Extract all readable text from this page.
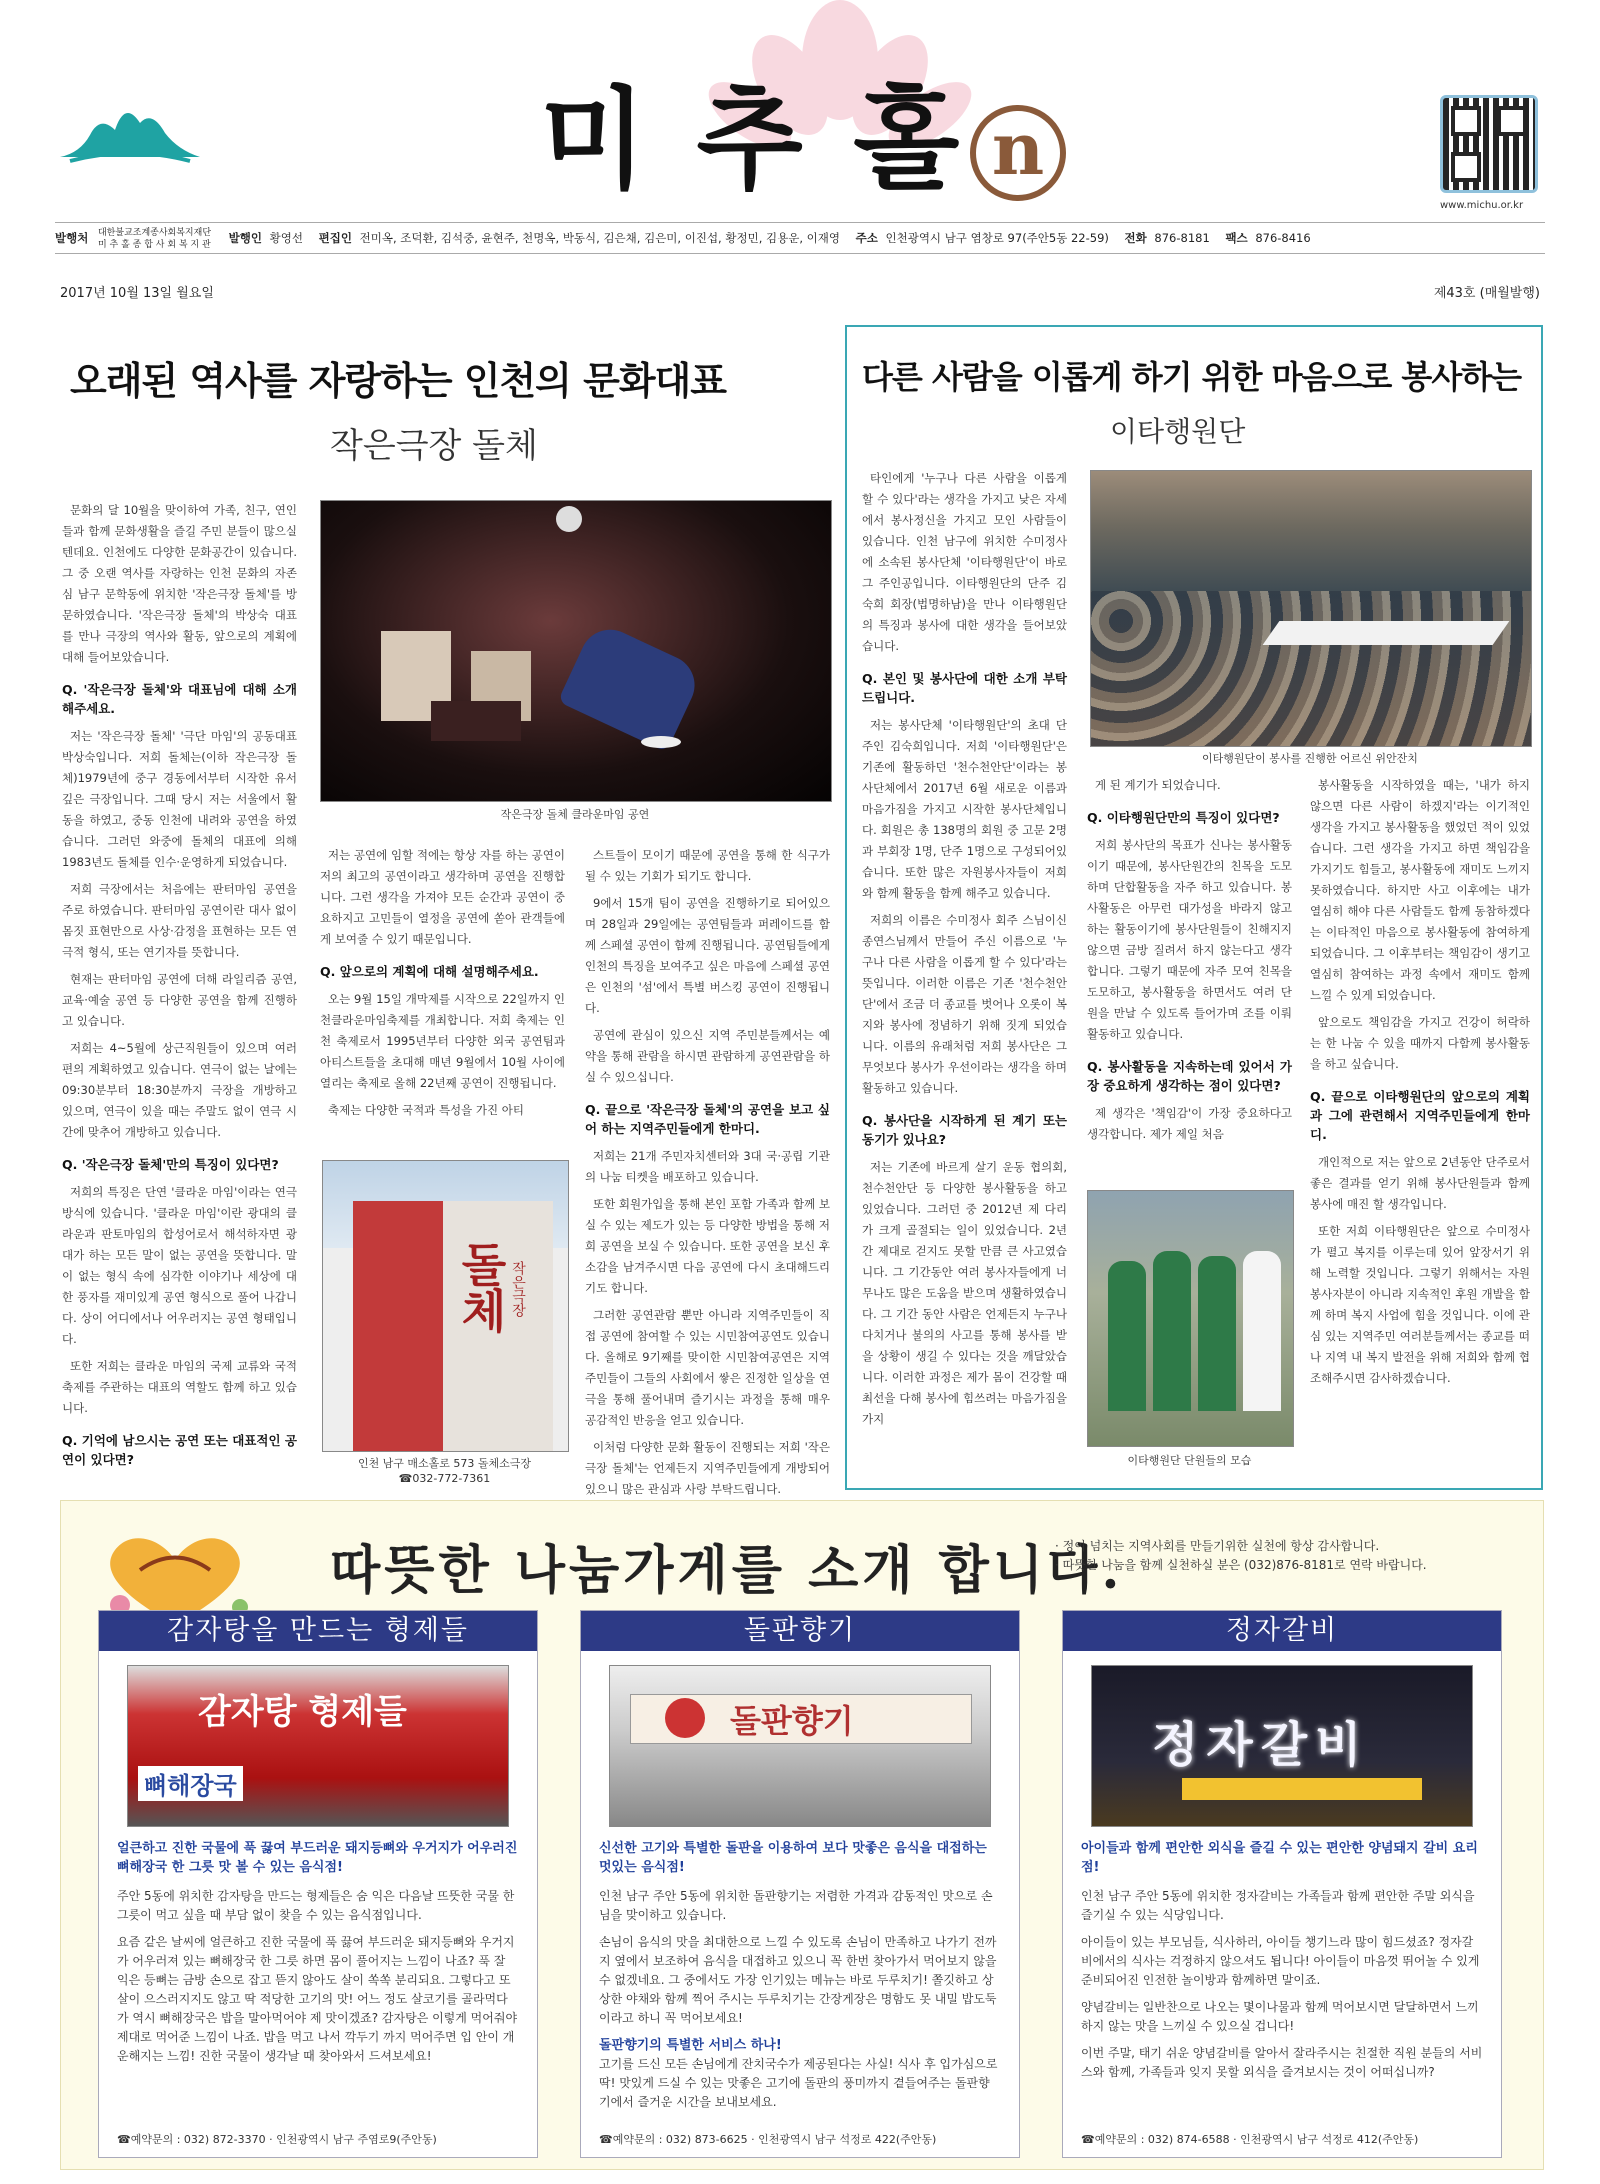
미 추 홀 n
www.michu.or.kr
발행처 대한불교조계종사회복지재단
미 추 홀 종 합 사 회 복 지 관 발행인 황영선 편집인 전미옥, 조덕환, 김석중, 윤현주, 천명옥, 박동식, 김은채, 김은미, 이진섭, 황정민, 김용운, 이재영 주소 인천광역시 남구 염창로 97(주안5동 22-59) 전화 876-8181 팩스 876-8416
2017년 10월 13일 월요일	제43호 (매월발행)
오래된 역사를 자랑하는 인천의 문화대표
작은극장 돌체

문화의 달 10월을 맞이하여 가족, 친구, 연인들과 함께 문화생활을 즐길 주민 분들이 많으실텐데요. 인천에도 다양한 문화공간이 있습니다. 그 중 오랜 역사를 자랑하는 인천 문화의 자존심 남구 문학동에 위치한 '작은극장 돌체'를 방문하였습니다. '작은극장 돌체'의 박상숙 대표를 만나 극장의 역사와 활동, 앞으로의 계획에 대해 들어보았습니다.

Q. '작은극장 돌체'와 대표님에 대해 소개해주세요.

저는 '작은극장 돌체' '극단 마임'의 공동대표 박상숙입니다. 저희 돌체는(이하 작은극장 돌체)1979년에 중구 경동에서부터 시작한 유서 깊은 극장입니다. 그때 당시 저는 서울에서 활동을 하였고, 중동 인천에 내려와 공연을 하였습니다. 그러던 와중에 돌체의 대표에 의해 1983년도 돌체를 인수·운영하게 되었습니다.

저희 극장에서는 처음에는 판터마임 공연을 주로 하였습니다. 판터마임 공연이란 대사 없이 몸짓 표현만으로 사상·감정을 표현하는 모든 연극적 형식, 또는 연기자를 뜻합니다.

현재는 판터마임 공연에 더해 라일리즘 공연, 교육·예술 공연 등 다양한 공연을 함께 진행하고 있습니다.

저희는 4~5월에 상근직원들이 있으며 여러 편의 계획하였고 있습니다. 연극이 없는 날에는 09:30분부터 18:30분까지 극장을 개방하고 있으며, 연극이 있을 때는 주말도 없이 연극 시간에 맞추어 개방하고 있습니다.

Q. '작은극장 돌체'만의 특징이 있다면?

저희의 특징은 단연 '클라운 마임'이라는 연극방식에 있습니다. '클라운 마임'이란 광대의 클라운과 판토마임의 합성어로서 해석하자면 광대가 하는 모든 말이 없는 공연을 뜻합니다. 말이 없는 형식 속에 심각한 이야기나 세상에 대한 풍자를 재미있게 공연 형식으로 풀어 나갑니다. 상이 어디에서나 어우러지는 공연 형태입니다.

또한 저희는 클라운 마임의 국제 교류와 국적 축제를 주관하는 대표의 역할도 함께 하고 있습니다.

Q. 기억에 남으시는 공연 또는 대표적인 공연이 있다면?
작은극장 돌체 클라운마임 공연

저는 공연에 임할 적에는 항상 자를 하는 공연이 저의 최고의 공연이라고 생각하며 공연을 진행합니다. 그런 생각을 가져야 모든 순간과 공연이 중요하지고 고민들이 열정을 공연에 쏟아 관객들에게 보여줄 수 있기 때문입니다.

Q. 앞으로의 계획에 대해 설명해주세요.

오는 9월 15일 개막제를 시작으로 22일까지 인천클라운마임축제를 개최합니다. 저희 축제는 인천 축제로서 1995년부터 다양한 외국 공연팀과 아티스트들을 초대해 매년 9월에서 10월 사이에 열리는 축제로 올해 22년째 공연이 진행됩니다.

축제는 다양한 국적과 특성을 가진 아티

스트들이 모이기 때문에 공연을 통해 한 식구가 될 수 있는 기회가 되기도 합니다.

9에서 15개 팀이 공연을 진행하기로 되어있으며 28일과 29일에는 공연팀들과 퍼레이드를 함께 스페셜 공연이 함께 진행됩니다. 공연팀들에게 인천의 특징을 보여주고 싶은 마음에 스페셜 공연은 인천의 '섬'에서 특별 버스킹 공연이 진행됩니다.

공연에 관심이 있으신 지역 주민분들께서는 예약을 통해 관람을 하시면 관람하게 공연관람을 하실 수 있으십니다.

Q. 끝으로 '작은극장 돌체'의 공연을 보고 싶어 하는 지역주민들에게 한마디.

저희는 21개 주민자치센터와 3대 국·공립 기관의 나눔 티켓을 배포하고 있습니다.

또한 회원가입을 통해 본인 포함 가족과 함께 보실 수 있는 제도가 있는 등 다양한 방법을 통해 저희 공연을 보실 수 있습니다. 또한 공연을 보신 후 소감을 남겨주시면 다음 공연에 다시 초대해드리기도 합니다.

그러한 공연관람 뿐만 아니라 지역주민들이 직접 공연에 참여할 수 있는 시민참여공연도 있습니다. 올해로 9기째를 맞이한 시민참여공연은 지역주민들이 그들의 사회에서 쌓은 진정한 일상을 연극을 통해 풀어내며 즐기시는 과정을 통해 매우 공감적인 반응을 얻고 있습니다.

이처럼 다양한 문화 활동이 진행되는 저희 '작은극장 돌체'는 언제든지 지역주민들에게 개방되어있으니 많은 관심과 사랑 부탁드립니다.

돌체 작은극장
인천 남구 매소홀로 573 돌체소극장
☎032-772-7361
다른 사람을 이롭게 하기 위한 마음으로 봉사하는
이타행원단

타인에게 '누구나 다른 사람을 이롭게 할 수 있다'라는 생각을 가지고 낮은 자세에서 봉사정신을 가지고 모인 사람들이 있습니다. 인천 남구에 위치한 수미정사에 소속된 봉사단체 '이타행원단'이 바로 그 주인공입니다. 이타행원단의 단주 김숙희 회장(법명하남)을 만나 이타행원단의 특징과 봉사에 대한 생각을 들어보았습니다.

Q. 본인 및 봉사단에 대한 소개 부탁드립니다.

저는 봉사단체 '이타행원단'의 초대 단주인 김숙희입니다. 저희 '이타행원단'은 기존에 활동하던 '천수천안단'이라는 봉사단체에서 2017년 6월 새로운 이름과 마음가짐을 가지고 시작한 봉사단체입니다. 회원은 총 138명의 회원 중 고문 2명과 부회장 1명, 단주 1명으로 구성되어있습니다. 또한 많은 자원봉사자들이 저희와 함께 활동을 함께 해주고 있습니다.

저희의 이름은 수미정사 회주 스님이신 종연스님께서 만들어 주신 이름으로 '누구나 다른 사람을 이롭게 할 수 있다'라는 뜻입니다. 이러한 이름은 기존 '천수천안단'에서 조금 더 종교를 벗어나 오롯이 복지와 봉사에 정념하기 위해 짓게 되었습니다. 이름의 유래처럼 저희 봉사단은 그 무엇보다 봉사가 우선이라는 생각을 하며 활동하고 있습니다.

Q. 봉사단을 시작하게 된 계기 또는 동기가 있나요?

저는 기존에 바르게 살기 운동 협의회, 천수천안단 등 다양한 봉사활동을 하고 있었습니다. 그러던 중 2012년 제 다리가 크게 골절되는 일이 있었습니다. 2년간 제대로 걷지도 못할 만큼 큰 사고였습니다. 그 기간동안 여러 봉사자들에게 너무나도 많은 도움을 받으며 생활하였습니다. 그 기간 동안 사람은 언제든지 누구나 다치거나 불의의 사고를 통해 봉사를 받을 상황이 생길 수 있다는 것을 깨달았습니다. 이러한 과정은 제가 몸이 건강할 때 최선을 다해 봉사에 힘쓰려는 마음가짐을 가지

이타행원단이 봉사를 진행한 어르신 위안잔치

게 된 계기가 되었습니다.

Q. 이타행원단만의 특징이 있다면?

저희 봉사단의 목표가 신나는 봉사활동이기 때문에, 봉사단원간의 친목을 도모하며 단합활동을 자주 하고 있습니다. 봉사활동은 아무런 대가성을 바라지 않고 하는 활동이기에 봉사단원들이 친해지지 않으면 금방 질려서 하지 않는다고 생각합니다. 그렇기 때문에 자주 모여 친목을 도모하고, 봉사활동을 하면서도 여러 단원을 만날 수 있도록 들어가며 조를 이뤄 활동하고 있습니다.

Q. 봉사활동을 지속하는데 있어서 가장 중요하게 생각하는 점이 있다면?

제 생각은 '책임감'이 가장 중요하다고 생각합니다. 제가 제일 처음

이타행원단 단원들의 모습

봉사활동을 시작하였을 때는, '내가 하지 않으면 다른 사람이 하겠지'라는 이기적인 생각을 가지고 봉사활동을 했었던 적이 있었습니다. 그런 생각을 가지고 하면 책임감을 가지기도 힘들고, 봉사활동에 재미도 느끼지 못하였습니다. 하지만 사고 이후에는 내가 열심히 해야 다른 사람들도 함께 동참하겠다는 이타적인 마음으로 봉사활동에 참여하게 되었습니다. 그 이후부터는 책임감이 생기고 열심히 참여하는 과정 속에서 재미도 함께 느낄 수 있게 되었습니다.

앞으로도 책임감을 가지고 건강이 허락하는 한 나눔 수 있을 때까지 다함께 봉사활동을 하고 싶습니다.

Q. 끝으로 이타행원단의 앞으로의 계획과 그에 관련해서 지역주민들에게 한마디.

개인적으로 저는 앞으로 2년동안 단주로서 좋은 결과를 얻기 위해 봉사단원들과 함께 봉사에 매진 할 생각입니다.

또한 저희 이타행원단은 앞으로 수미정사가 펼고 복지를 이루는데 있어 앞장서기 위해 노력할 것입니다. 그렇기 위해서는 자원봉사자분이 아니라 지속적인 후원 개발을 함께 하며 복지 사업에 힘을 것입니다. 이에 관심 있는 지역주민 여러분들께서는 종교를 떠나 지역 내 복지 발전을 위해 저희와 함께 협조해주시면 감사하겠습니다.

따뜻한 나눔가게를 소개 합니다.
· 정이 넘치는 지역사회를 만들기위한 실천에 항상 감사합니다.
· 따뜻한 나눔을 함께 실천하실 분은 (032)876-8181로 연락 바랍니다.
감자탕을 만드는 형제들
감자탕 형제들
뼈해장국
얼큰하고 진한 국물에 푹 끓여 부드러운 돼지등뼈와 우거지가 어우러진 뼈해장국 한 그릇 맛 볼 수 있는 음식점!

주안 5동에 위치한 감자탕을 만드는 형제들은 숨 익은 다음날 뜨뜻한 국물 한 그릇이 먹고 싶을 때 부담 없이 찾을 수 있는 음식점입니다.

요즘 같은 날씨에 얼큰하고 진한 국물에 푹 끓여 부드러운 돼지등뼈와 우거지가 어우러져 있는 뼈해장국 한 그릇 하면 몸이 풀어지는 느낌이 나죠? 푹 잘 익은 등뼈는 금방 손으로 잡고 뜯지 않아도 살이 쏙쏙 분리되요. 그렇다고 또 살이 으스러지지도 않고 딱 적당한 고기의 맛! 어느 정도 살코기를 골라먹다가 역시 뼈해장국은 밥을 말아먹어야 제 맛이겠죠? 감자탕은 이렇게 먹어줘야 제대로 먹어준 느낌이 나죠. 밥을 먹고 나서 깍두기 까지 먹어주면 입 안이 개운해지는 느낌! 진한 국물이 생각날 때 찾아와서 드셔보세요!

☎예약문의 : 032) 872-3370 · 인천광역시 남구 주염로9(주안동)
돌판향기
돌판향기
신선한 고기와 특별한 돌판을 이용하여 보다 맛좋은 음식을 대접하는 멋있는 음식점!

인천 남구 주안 5동에 위치한 돌판향기는 저렴한 가격과 감동적인 맛으로 손님을 맞이하고 있습니다.

손님이 음식의 맛을 최대한으로 느낄 수 있도록 손님이 만족하고 나가기 전까지 옆에서 보조하여 음식을 대접하고 있으니 꼭 한번 찾아가서 먹어보지 않을 수 없겠네요. 그 중에서도 가장 인기있는 메뉴는 바로 두루치기! 쫄깃하고 상상한 야채와 함께 찍어 주시는 두루치기는 간장게장은 명함도 못 내밀 밥도둑이라고 하니 꼭 먹어보세요!

돌판향기의 특별한 서비스 하나!

고기를 드신 모든 손님에게 잔치국수가 제공된다는 사실! 식사 후 입가심으로 딱! 맛있게 드실 수 있는 맛좋은 고기에 돌판의 풍미까지 곁들여주는 돌판향기에서 즐거운 시간을 보내보세요.

☎예약문의 : 032) 873-6625 · 인천광역시 남구 석정로 422(주안동)
정자갈비
정자갈비
아이들과 함께 편안한 외식을 즐길 수 있는 편안한 양념돼지 갈비 요리점!

인천 남구 주안 5동에 위치한 정자갈비는 가족들과 함께 편안한 주말 외식을 즐기실 수 있는 식당입니다.

아이들이 있는 부모님들, 식사하러, 아이들 챙기느라 많이 힘드셨죠? 정자갈비에서의 식사는 걱정하지 않으셔도 됩니다! 아이들이 마음껏 뛰어놀 수 있게 준비되어진 인전한 놀이방과 함께하면 말이죠.

양념갈비는 일반찬으로 나오는 몇이나물과 함께 먹어보시면 달달하면서 느끼하지 않는 맛을 느끼실 수 있으실 겁니다!

이번 주말, 태기 쉬운 양념갈비를 알아서 잘라주시는 친절한 직원 분들의 서비스와 함께, 가족들과 잊지 못할 외식을 즐겨보시는 것이 어떠십니까?

☎예약문의 : 032) 874-6588 · 인천광역시 남구 석정로 412(주안동)
